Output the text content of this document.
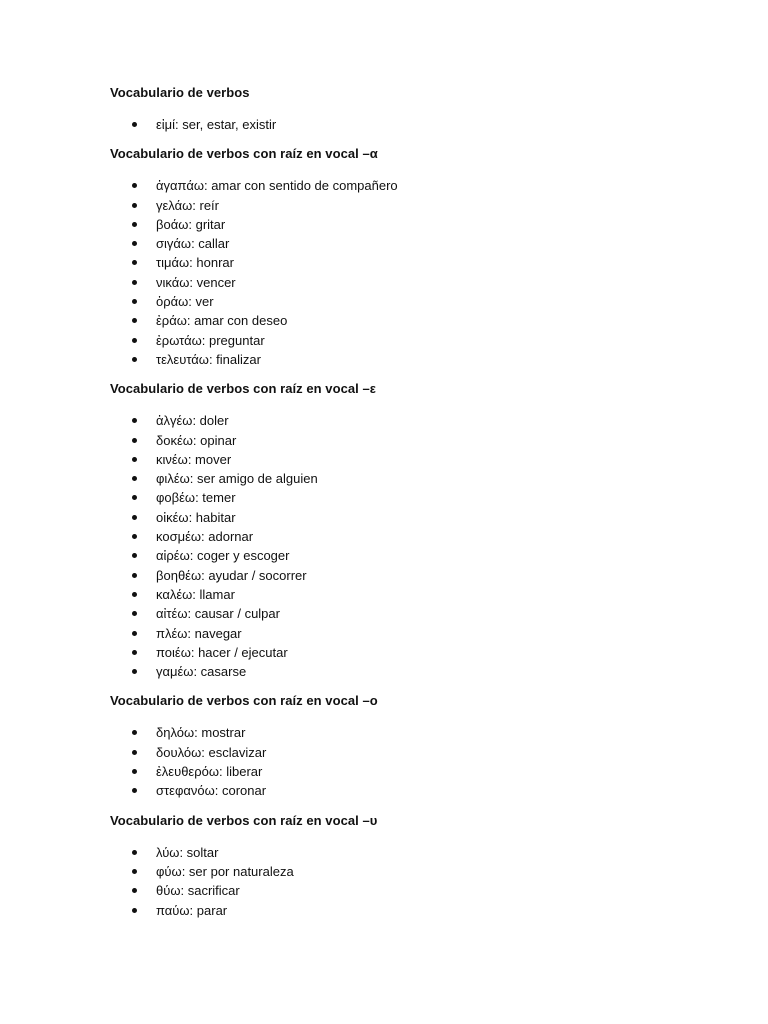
Vocabulario de verbos

εἰμί: ser, estar, existir

Vocabulario de verbos con raíz en vocal –α

ἀγαπάω: amar con sentido de compañero
γελάω: reír
βοάω: gritar
σιγάω: callar
τιμάω: honrar
νικάω: vencer
ὁράω: ver
ἐράω: amar con deseo
ἐρωτάω: preguntar
τελευτάω: finalizar

Vocabulario de verbos con raíz en vocal –ε

ἀλγέω: doler
δοκέω: opinar
κινέω: mover
φιλέω: ser amigo de alguien
φοβέω: temer
οἰκέω: habitar
κοσμέω: adornar
αἱρέω: coger y escoger
βοηθέω: ayudar / socorrer
καλέω: llamar
αἰτέω: causar / culpar
πλέω: navegar
ποιέω: hacer / ejecutar
γαμέω: casarse

Vocabulario de verbos con raíz en vocal –ο

δηλόω: mostrar
δουλόω: esclavizar
ἐλευθερόω: liberar
στεφανόω: coronar

Vocabulario de verbos con raíz en vocal –υ

λύω: soltar
φύω: ser por naturaleza
θύω: sacrificar
παύω: parar
